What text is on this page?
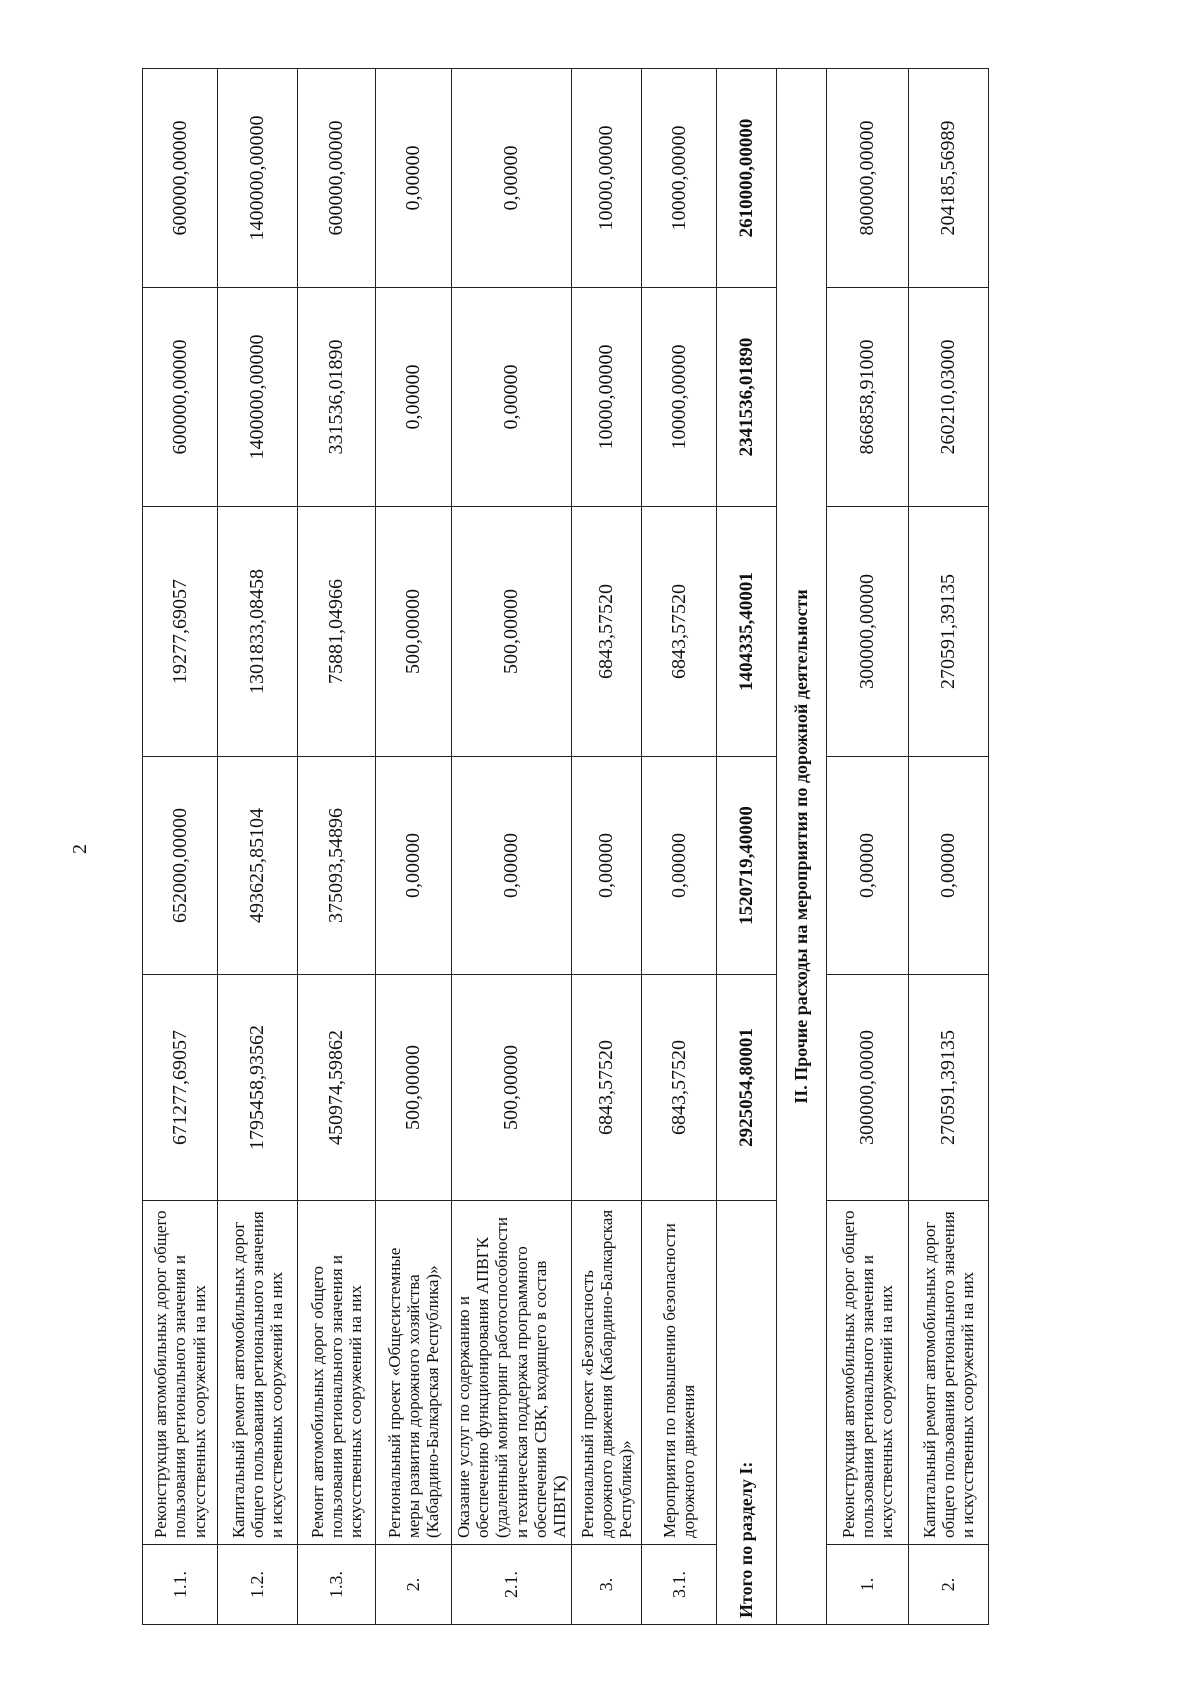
2
1.1.	Реконструкция автомобильных дорог общего пользования регионального значения и искусственных сооружений на них	671277,69057	652000,00000	19277,69057	600000,00000	600000,00000
1.2.	Капитальный ремонт автомобильных дорог общего пользования регионального значения и искусственных сооружений на них	1795458,93562	493625,85104	1301833,08458	1400000,00000	1400000,00000
1.3.	Ремонт автомобильных дорог общего пользования регионального значения и искусственных сооружений на них	450974,59862	375093,54896	75881,04966	331536,01890	600000,00000
2.	Региональный проект «Общесистемные меры развития дорожного хозяйства (Кабардино-Балкарская Республика)»	500,00000	0,00000	500,00000	0,00000	0,00000
2.1.	Оказание услуг по содержанию и обеспечению функционирования АПВГК (удаленный мониторинг работоспособности и техническая поддержка программного обеспечения СВК, входящего в состав АПВГК)	500,00000	0,00000	500,00000	0,00000	0,00000
3.	Региональный проект «Безопасность дорожного движения (Кабардино-Балкарская Республика)»	6843,57520	0,00000	6843,57520	10000,00000	10000,00000
3.1.	Мероприятия по повышению безопасности дорожного движения	6843,57520	0,00000	6843,57520	10000,00000	10000,00000
Итого по разделу I:		2925054,80001	1520719,40000	1404335,40001	2341536,01890	2610000,00000
II. Прочие расходы на мероприятия по дорожной деятельности						
1.	Реконструкция автомобильных дорог общего пользования регионального значения и искусственных сооружений на них	300000,00000	0,00000	300000,00000	866858,91000	800000,00000
2.	Капитальный ремонт автомобильных дорог общего пользования регионального значения и искусственных сооружений на них	270591,39135	0,00000	270591,39135	260210,03000	204185,56989
